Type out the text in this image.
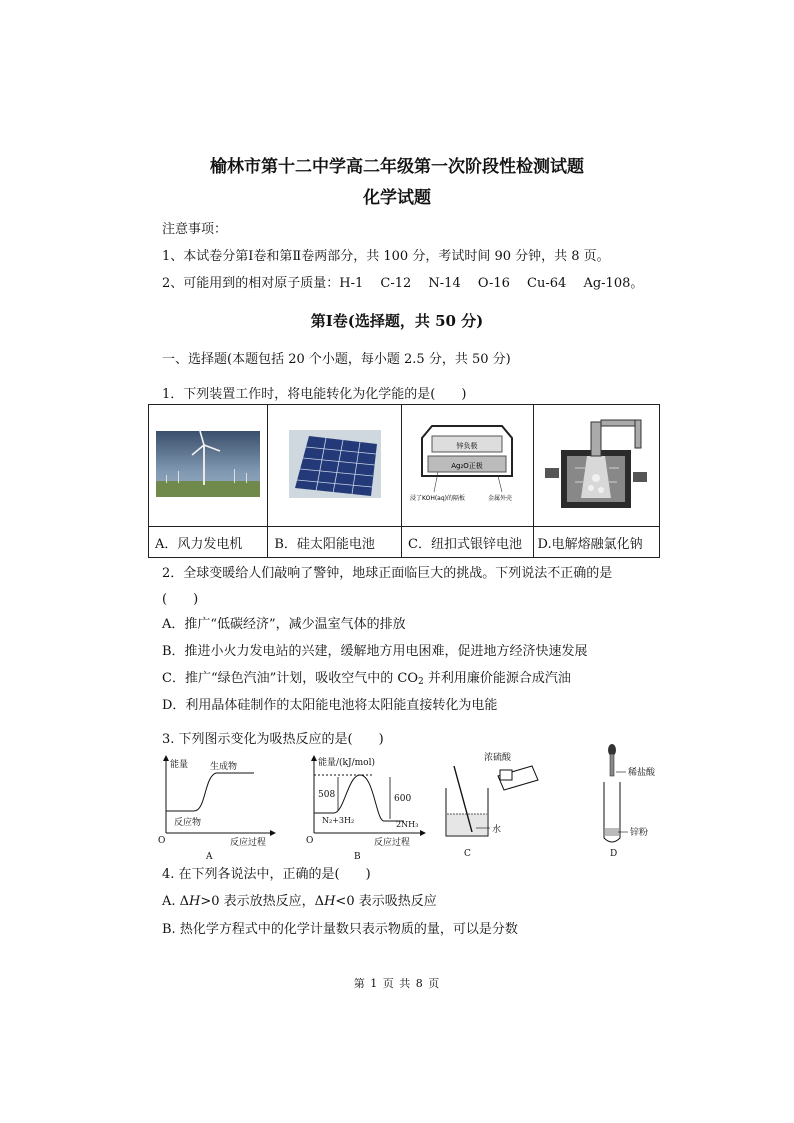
榆林市第十二中学高二年级第一次阶段性检测试题
化学试题
注意事项：
1、本试卷分第Ⅰ卷和第Ⅱ卷两部分，共 100 分，考试时间 90 分钟，共 8 页。
2、可能用到的相对原子质量：H-1　 C-12　 N-14　 O-16　 Cu-64　 Ag-108。
第Ⅰ卷(选择题，共 50 分)
一、选择题(本题包括 20 个小题，每小题 2.5 分，共 50 分)
1．下列装置工作时，将电能转化为化学能的是(　　)

锌负极
Ag₂O正极
浸了KOH(aq)的隔板 金属外壳

A．风力发电机	B．硅太阳能电池	C．纽扣式银锌电池	D.电解熔融氯化钠
2．全球变暖给人们敲响了警钟，地球正面临巨大的挑战。下列说法不正确的是
(　　)
A．推广“低碳经济”，减少温室气体的排放
B．推进小火力发电站的兴建，缓解地方用电困难，促进地方经济快速发展
C．推广“绿色汽油”计划，吸收空气中的 $CO_2$ 并利用廉价能源合成汽油
D．利用晶体硅制作的太阳能电池将太阳能直接转化为电能
3. 下列图示变化为吸热反应的是(　　)
能量 生成物
反应物
O	反应过程
A
能量/(kJ/mol)
508	600
N₂+3H₂	2NH₃
O	反应过程
B
浓硫酸
水
C
稀盐酸
锌粉
D
4. 在下列各说法中，正确的是(　　)
A. ΔH>0 表示放热反应，ΔH<0 表示吸热反应
B. 热化学方程式中的化学计量数只表示物质的量，可以是分数
第 1 页 共 8 页
